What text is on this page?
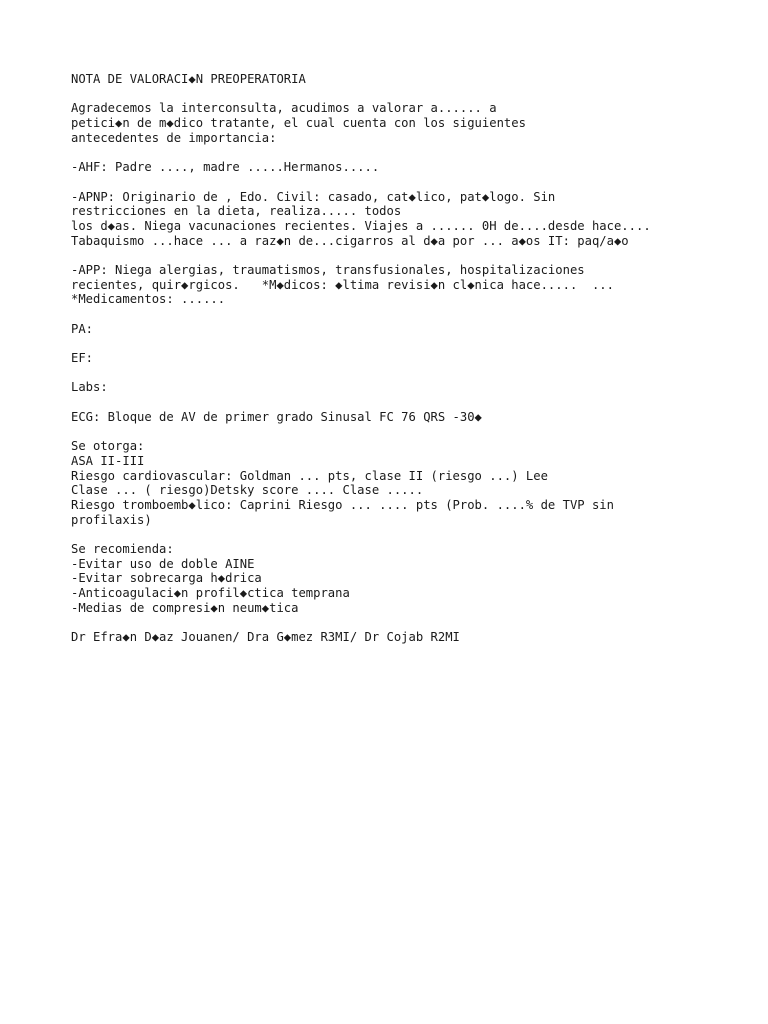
NOTA DE VALORACI◆N PREOPERATORIA
Agradecemos la interconsulta, acudimos a valorar a...... a
petici◆n de m◆dico tratante, el cual cuenta con los siguientes
antecedentes de importancia:
-AHF: Padre ...., madre .....Hermanos.....
-APNP: Originario de , Edo. Civil: casado, cat◆lico, pat◆logo. Sin
restricciones en la dieta, realiza..... todos
los d◆as. Niega vacunaciones recientes. Viajes a ...... 0H de....desde hace....
Tabaquismo ...hace ... a raz◆n de...cigarros al d◆a por ... a◆os IT: paq/a◆o
-APP: Niega alergias, traumatismos, transfusionales, hospitalizaciones
recientes, quir◆rgicos.   *M◆dicos: ◆ltima revisi◆n cl◆nica hace.....  ...
*Medicamentos: ......
PA:
EF:
Labs:
ECG: Bloque de AV de primer grado Sinusal FC 76 QRS -30◆
Se otorga:
ASA II-III
Riesgo cardiovascular: Goldman ... pts, clase II (riesgo ...) Lee
Clase ... ( riesgo)Detsky score .... Clase .....
Riesgo tromboemb◆lico: Caprini Riesgo ... .... pts (Prob. ....% de TVP sin
profilaxis)
Se recomienda:
-Evitar uso de doble AINE
-Evitar sobrecarga h◆drica
-Anticoagulaci◆n profil◆ctica temprana
-Medias de compresi◆n neum◆tica
Dr Efra◆n D◆az Jouanen/ Dra G◆mez R3MI/ Dr Cojab R2MI
